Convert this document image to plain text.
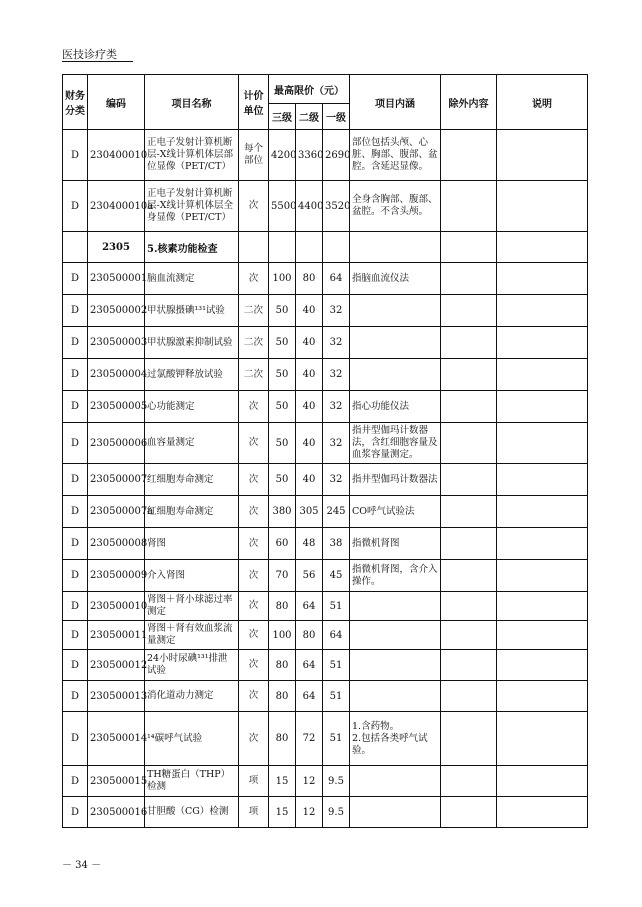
医技诊疗类
财务分类	编码	项目名称	计价单位	最高限价（元）			项目内涵	除外内容	说明
				三级	二级	一级			
D	230400010	正电子发射计算机断层-X线计算机体层部位显像（PET/CT）	每个部位	4200	3360	2690	部位包括头颅、心脏、胸部、腹部、盆腔。含延迟显像。		
D	230400010a	正电子发射计算机断层-X线计算机体层全身显像（PET/CT）	次	5500	4400	3520	全身含胸部、腹部、盆腔。不含头颅。		
	2305	5.核素功能检查							
D	230500001	脑血流测定	次	100	80	64	指脑血流仪法		
D	230500002	甲状腺摄碘¹³¹试验	二次	50	40	32			
D	230500003	甲状腺激素抑制试验	二次	50	40	32			
D	230500004	过氯酸钾释放试验	二次	50	40	32			
D	230500005	心功能测定	次	50	40	32	指心功能仪法		
D	230500006	血容量测定	次	50	40	32	指井型伽玛计数器法，含红细胞容量及血浆容量测定。		
D	230500007	红细胞寿命测定	次	50	40	32	指井型伽玛计数器法		
D	230500007a	红细胞寿命测定	次	380	305	245	CO呼气试验法		
D	230500008	肾图	次	60	48	38	指微机肾图		
D	230500009	介入肾图	次	70	56	45	指微机肾图，含介入操作。		
D	230500010	肾图＋肾小球滤过率测定	次	80	64	51			
D	230500011	肾图＋肾有效血浆流量测定	次	100	80	64			
D	230500012	24小时尿碘¹³¹排泄试验	次	80	64	51			
D	230500013	消化道动力测定	次	80	64	51			
D	230500014	¹⁴碳呼气试验	次	80	72	51	1.含药物。
2.包括各类呼气试验。		
D	230500015	TH糖蛋白（THP）检测	项	15	12	9.5			
D	230500016	甘胆酸（CG）检测	项	15	12	9.5			
－ 34 －
